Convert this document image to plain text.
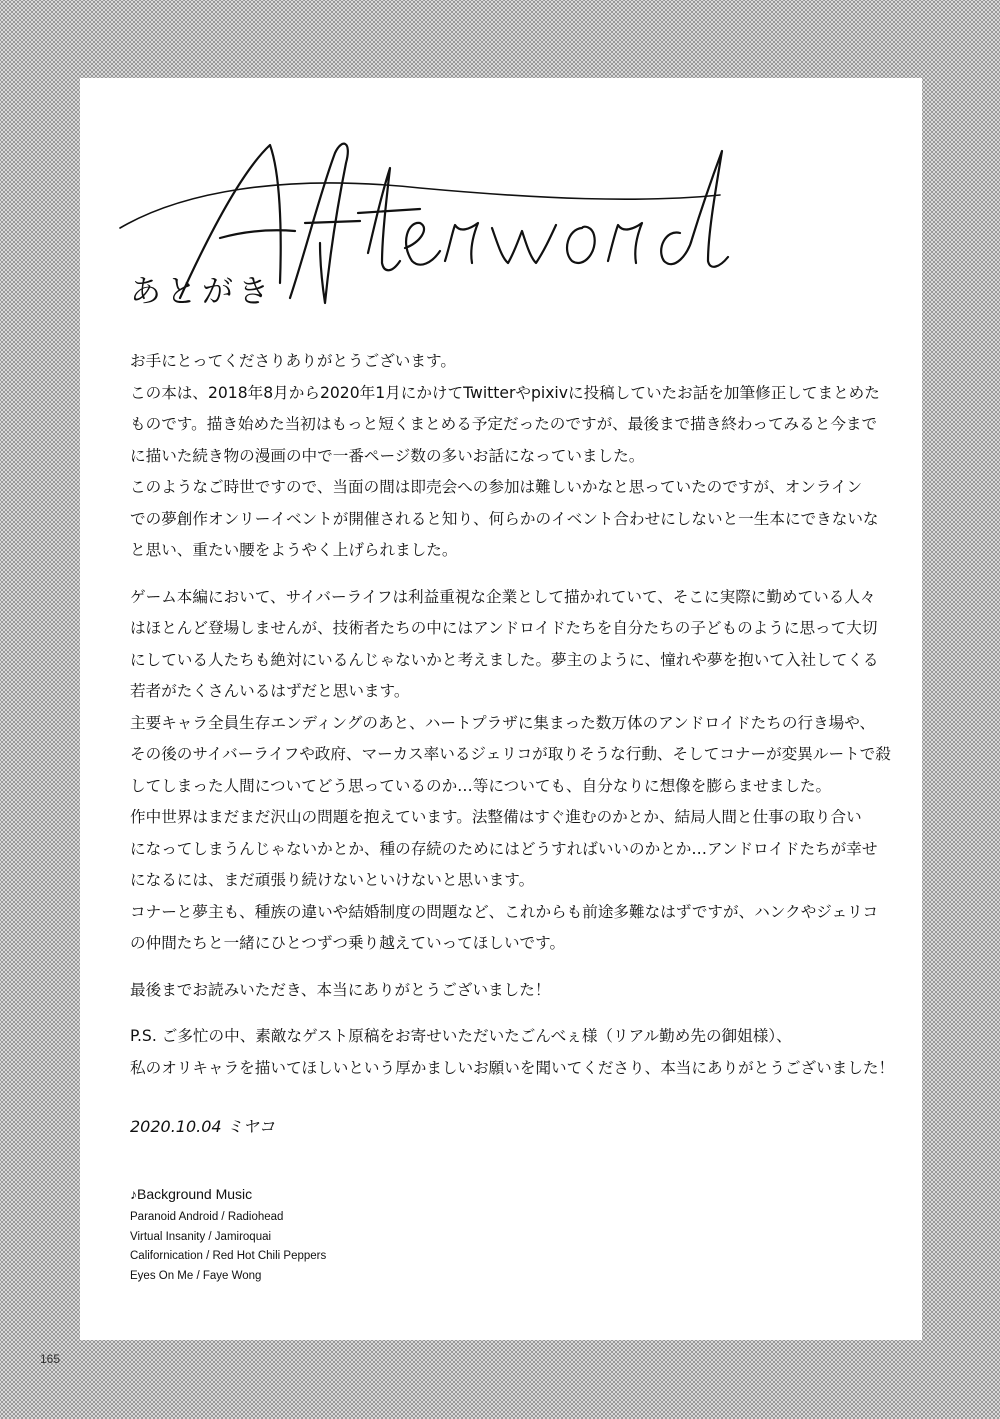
あとがき
お手にとってくださりありがとうございます。
この本は、2018年8月から2020年1月にかけてTwitterやpixivに投稿していたお話を加筆修正してまとめた
ものです。描き始めた当初はもっと短くまとめる予定だったのですが、最後まで描き終わってみると今まで
に描いた続き物の漫画の中で一番ページ数の多いお話になっていました。
このようなご時世ですので、当面の間は即売会への参加は難しいかなと思っていたのですが、オンライン
での夢創作オンリーイベントが開催されると知り、何らかのイベント合わせにしないと一生本にできないな
と思い、重たい腰をようやく上げられました。
ゲーム本編において、サイバーライフは利益重視な企業として描かれていて、そこに実際に勤めている人々
はほとんど登場しませんが、技術者たちの中にはアンドロイドたちを自分たちの子どものように思って大切
にしている人たちも絶対にいるんじゃないかと考えました。夢主のように、憧れや夢を抱いて入社してくる
若者がたくさんいるはずだと思います。
主要キャラ全員生存エンディングのあと、ハートプラザに集まった数万体のアンドロイドたちの行き場や、
その後のサイバーライフや政府、マーカス率いるジェリコが取りそうな行動、そしてコナーが変異ルートで殺
してしまった人間についてどう思っているのか…等についても、自分なりに想像を膨らませました。
作中世界はまだまだ沢山の問題を抱えています。法整備はすぐ進むのかとか、結局人間と仕事の取り合い
になってしまうんじゃないかとか、種の存続のためにはどうすればいいのかとか…アンドロイドたちが幸せ
になるには、まだ頑張り続けないといけないと思います。
コナーと夢主も、種族の違いや結婚制度の問題など、これからも前途多難なはずですが、ハンクやジェリコ
の仲間たちと一緒にひとつずつ乗り越えていってほしいです。
最後までお読みいただき、本当にありがとうございました！
P.S. ご多忙の中、素敵なゲスト原稿をお寄せいただいたごんべぇ様（リアル勤め先の御姐様）、
私のオリキャラを描いてほしいという厚かましいお願いを聞いてくださり、本当にありがとうございました！
2020.10.04 ミヤコ
♪Background Music
Paranoid Android / Radiohead
Virtual Insanity / Jamiroquai
Californication / Red Hot Chili Peppers
Eyes On Me / Faye Wong
165
